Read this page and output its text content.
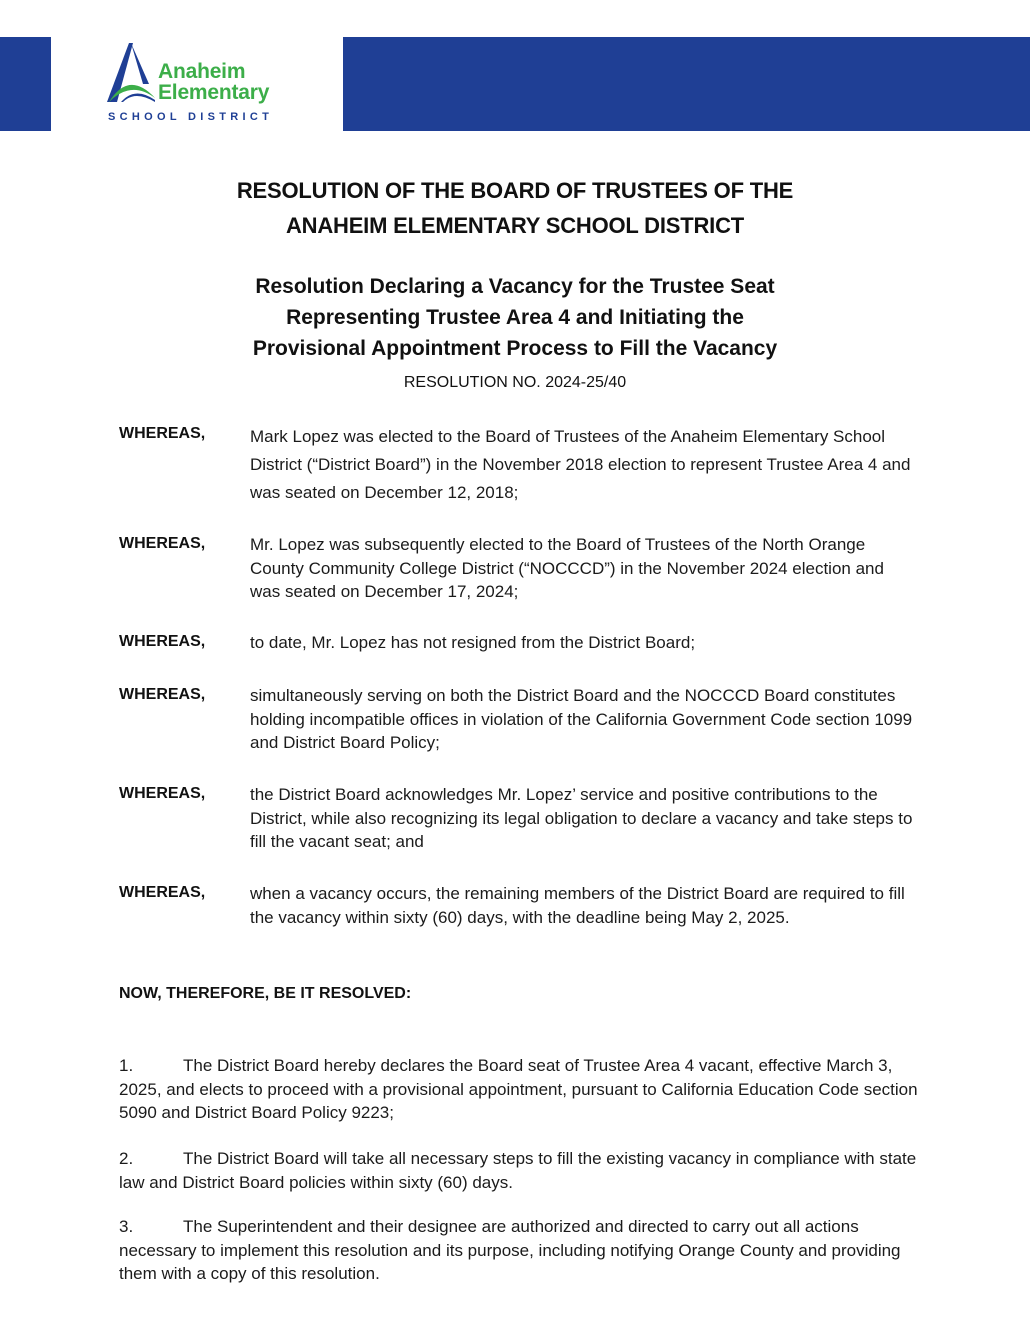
Anaheim
Elementary
SCHOOL DISTRICT
RESOLUTION OF THE BOARD OF TRUSTEES OF THE
ANAHEIM ELEMENTARY SCHOOL DISTRICT
Resolution Declaring a Vacancy for the Trustee Seat
Representing Trustee Area 4 and Initiating the
Provisional Appointment Process to Fill the Vacancy
RESOLUTION NO. 2024-25/40
WHEREAS,	Mark Lopez was elected to the Board of Trustees of the Anaheim Elementary School District (“District Board”) in the November 2018 election to represent Trustee Area 4 and was seated on December 12, 2018;
WHEREAS,	Mr. Lopez was subsequently elected to the Board of Trustees of the North Orange County Community College District (“NOCCCD”) in the November 2024 election and was seated on December 17, 2024;
WHEREAS,	to date, Mr. Lopez has not resigned from the District Board;
WHEREAS,	simultaneously serving on both the District Board and the NOCCCD Board constitutes holding incompatible offices in violation of the California Government Code section 1099 and District Board Policy;
WHEREAS,	the District Board acknowledges Mr. Lopez’ service and positive contributions to the District, while also recognizing its legal obligation to declare a vacancy and take steps to fill the vacant seat; and
WHEREAS,	when a vacancy occurs, the remaining members of the District Board are required to fill the vacancy within sixty (60) days, with the deadline being May 2, 2025.
NOW, THEREFORE, BE IT RESOLVED:
1.	The District Board hereby declares the Board seat of Trustee Area 4 vacant, effective March 3, 2025, and elects to proceed with a provisional appointment, pursuant to California Education Code section 5090 and District Board Policy 9223;
2.	The District Board will take all necessary steps to fill the existing vacancy in compliance with state law and District Board policies within sixty (60) days.
3.	The Superintendent and their designee are authorized and directed to carry out all actions necessary to implement this resolution and its purpose, including notifying Orange County and providing them with a copy of this resolution.
